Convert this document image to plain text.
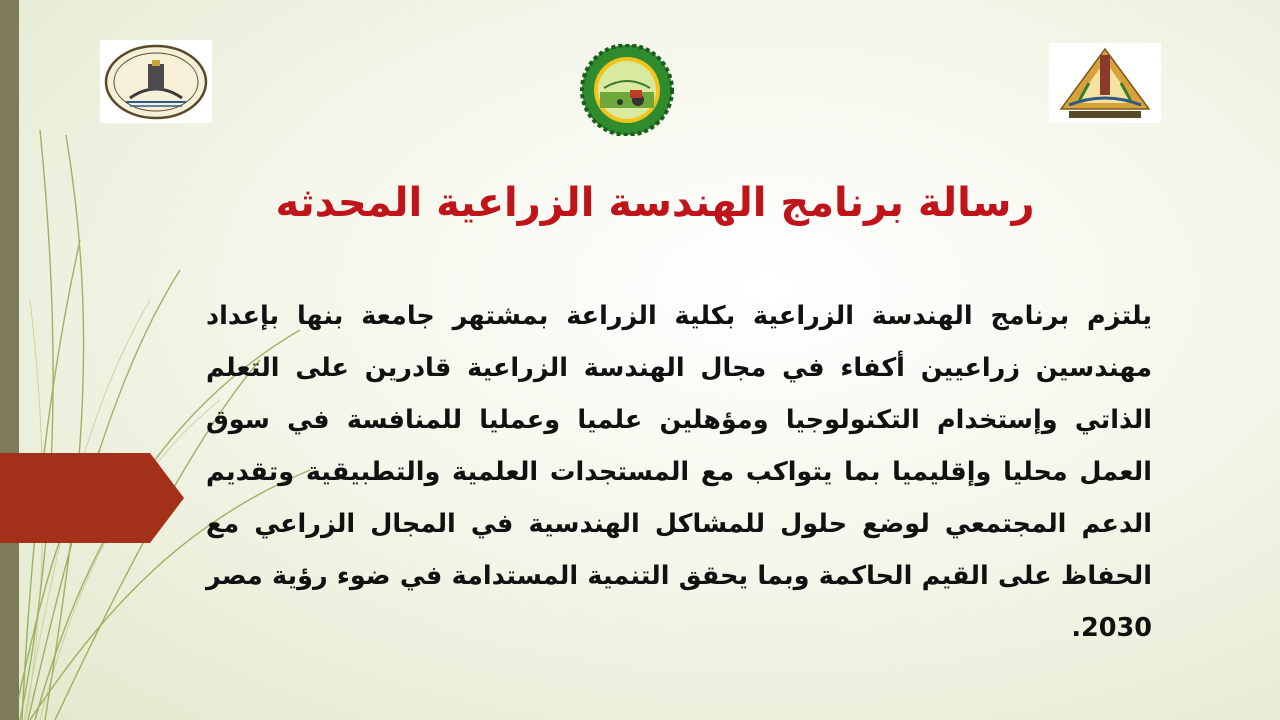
رسالة برنامج الهندسة الزراعية المحدثه

يلتزم برنامج الهندسة الزراعية بكلية الزراعة بمشتهر جامعة بنها بإعداد مهندسين زراعيين أكفاء في مجال الهندسة الزراعية قادرين على التعلم الذاتي وإستخدام التكنولوجيا ومؤهلين علميا وعمليا للمنافسة في سوق العمل محليا وإقليميا بما يتواكب مع المستجدات العلمية والتطبيقية وتقديم الدعم المجتمعي لوضع حلول للمشاكل الهندسية في المجال الزراعي مع الحفاظ على القيم الحاكمة وبما يحقق التنمية المستدامة في ضوء رؤية مصر 2030.
